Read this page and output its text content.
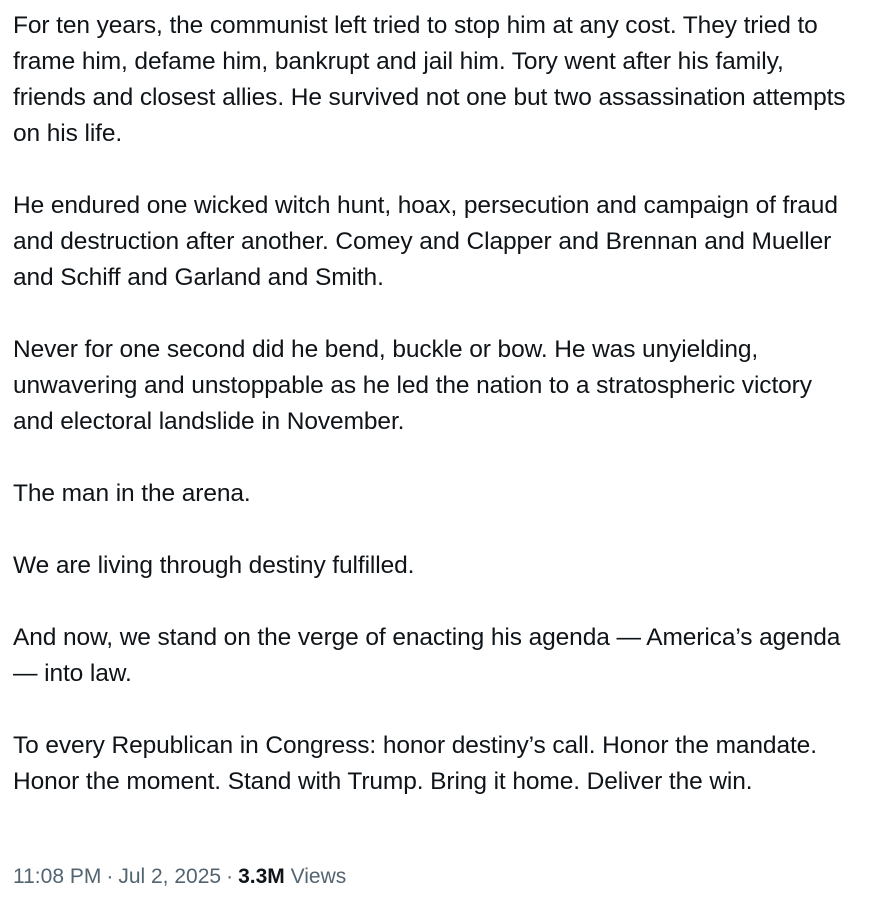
For ten years, the communist left tried to stop him at any cost. They tried to frame him, defame him, bankrupt and jail him. Tory went after his family, friends and closest allies. He survived not one but two assassination attempts on his life.

He endured one wicked witch hunt, hoax, persecution and campaign of fraud and destruction after another. Comey and Clapper and Brennan and Mueller and Schiff and Garland and Smith.

Never for one second did he bend, buckle or bow. He was unyielding, unwavering and unstoppable as he led the nation to a stratospheric victory and electoral landslide in November.

The man in the arena.

We are living through destiny fulfilled.

And now, we stand on the verge of enacting his agenda — America’s agenda — into law.

To every Republican in Congress: honor destiny’s call. Honor the mandate. Honor the moment. Stand with Trump. Bring it home. Deliver the win.

11:08 PM · Jul 2, 2025 · 3.3M Views
